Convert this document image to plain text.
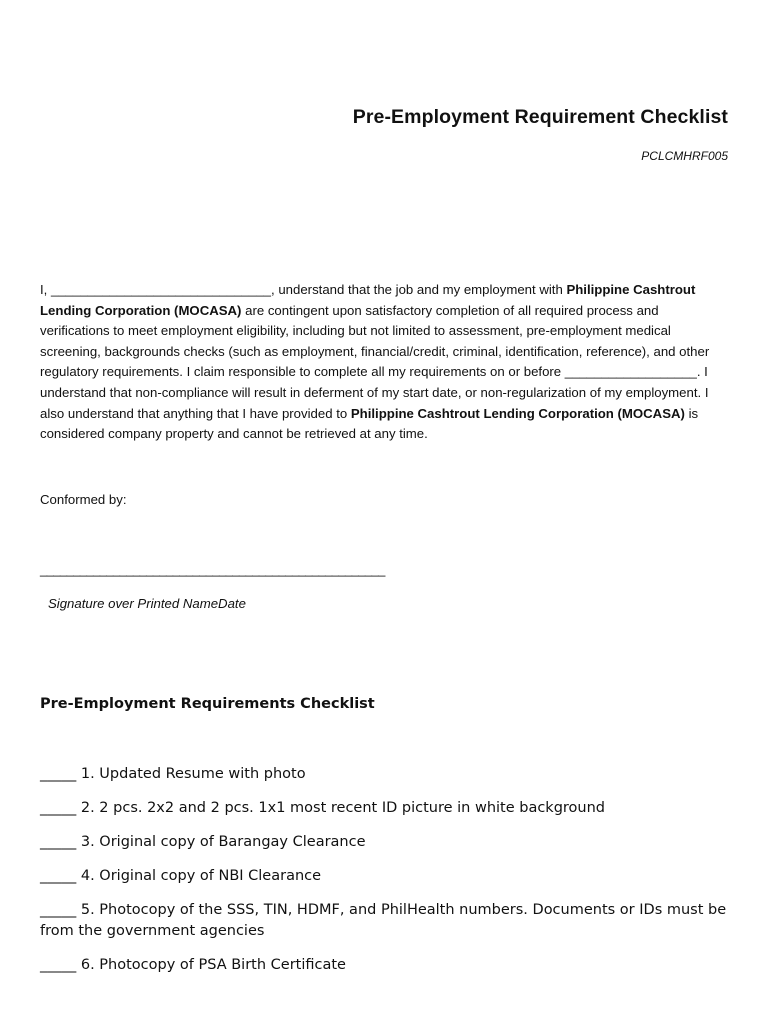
Pre-Employment Requirement Checklist
PCLCMHRF005
I, ______________________________, understand that the job and my employment with Philippine Cashtrout Lending Corporation (MOCASA) are contingent upon satisfactory completion of all required process and verifications to meet employment eligibility, including but not limited to assessment, pre-employment medical screening, backgrounds checks (such as employment, financial/credit, criminal, identification, reference), and other regulatory requirements. I claim responsible to complete all my requirements on or before __________________. I understand that non-compliance will result in deferment of my start date, or non-regularization of my employment. I also understand that anything that I have provided to Philippine Cashtrout Lending Corporation (MOCASA) is considered company property and cannot be retrieved at any time.
Conformed by:
____________________________________________________
Signature over Printed NameDate
Pre-Employment Requirements Checklist
_____ 1. Updated Resume with photo
_____ 2. 2 pcs. 2x2 and 2 pcs. 1x1 most recent ID picture in white background
_____ 3. Original copy of Barangay Clearance
_____ 4. Original copy of NBI Clearance
_____ 5. Photocopy of the SSS, TIN, HDMF, and PhilHealth numbers. Documents or IDs must be from the government agencies
_____ 6. Photocopy of PSA Birth Certificate
